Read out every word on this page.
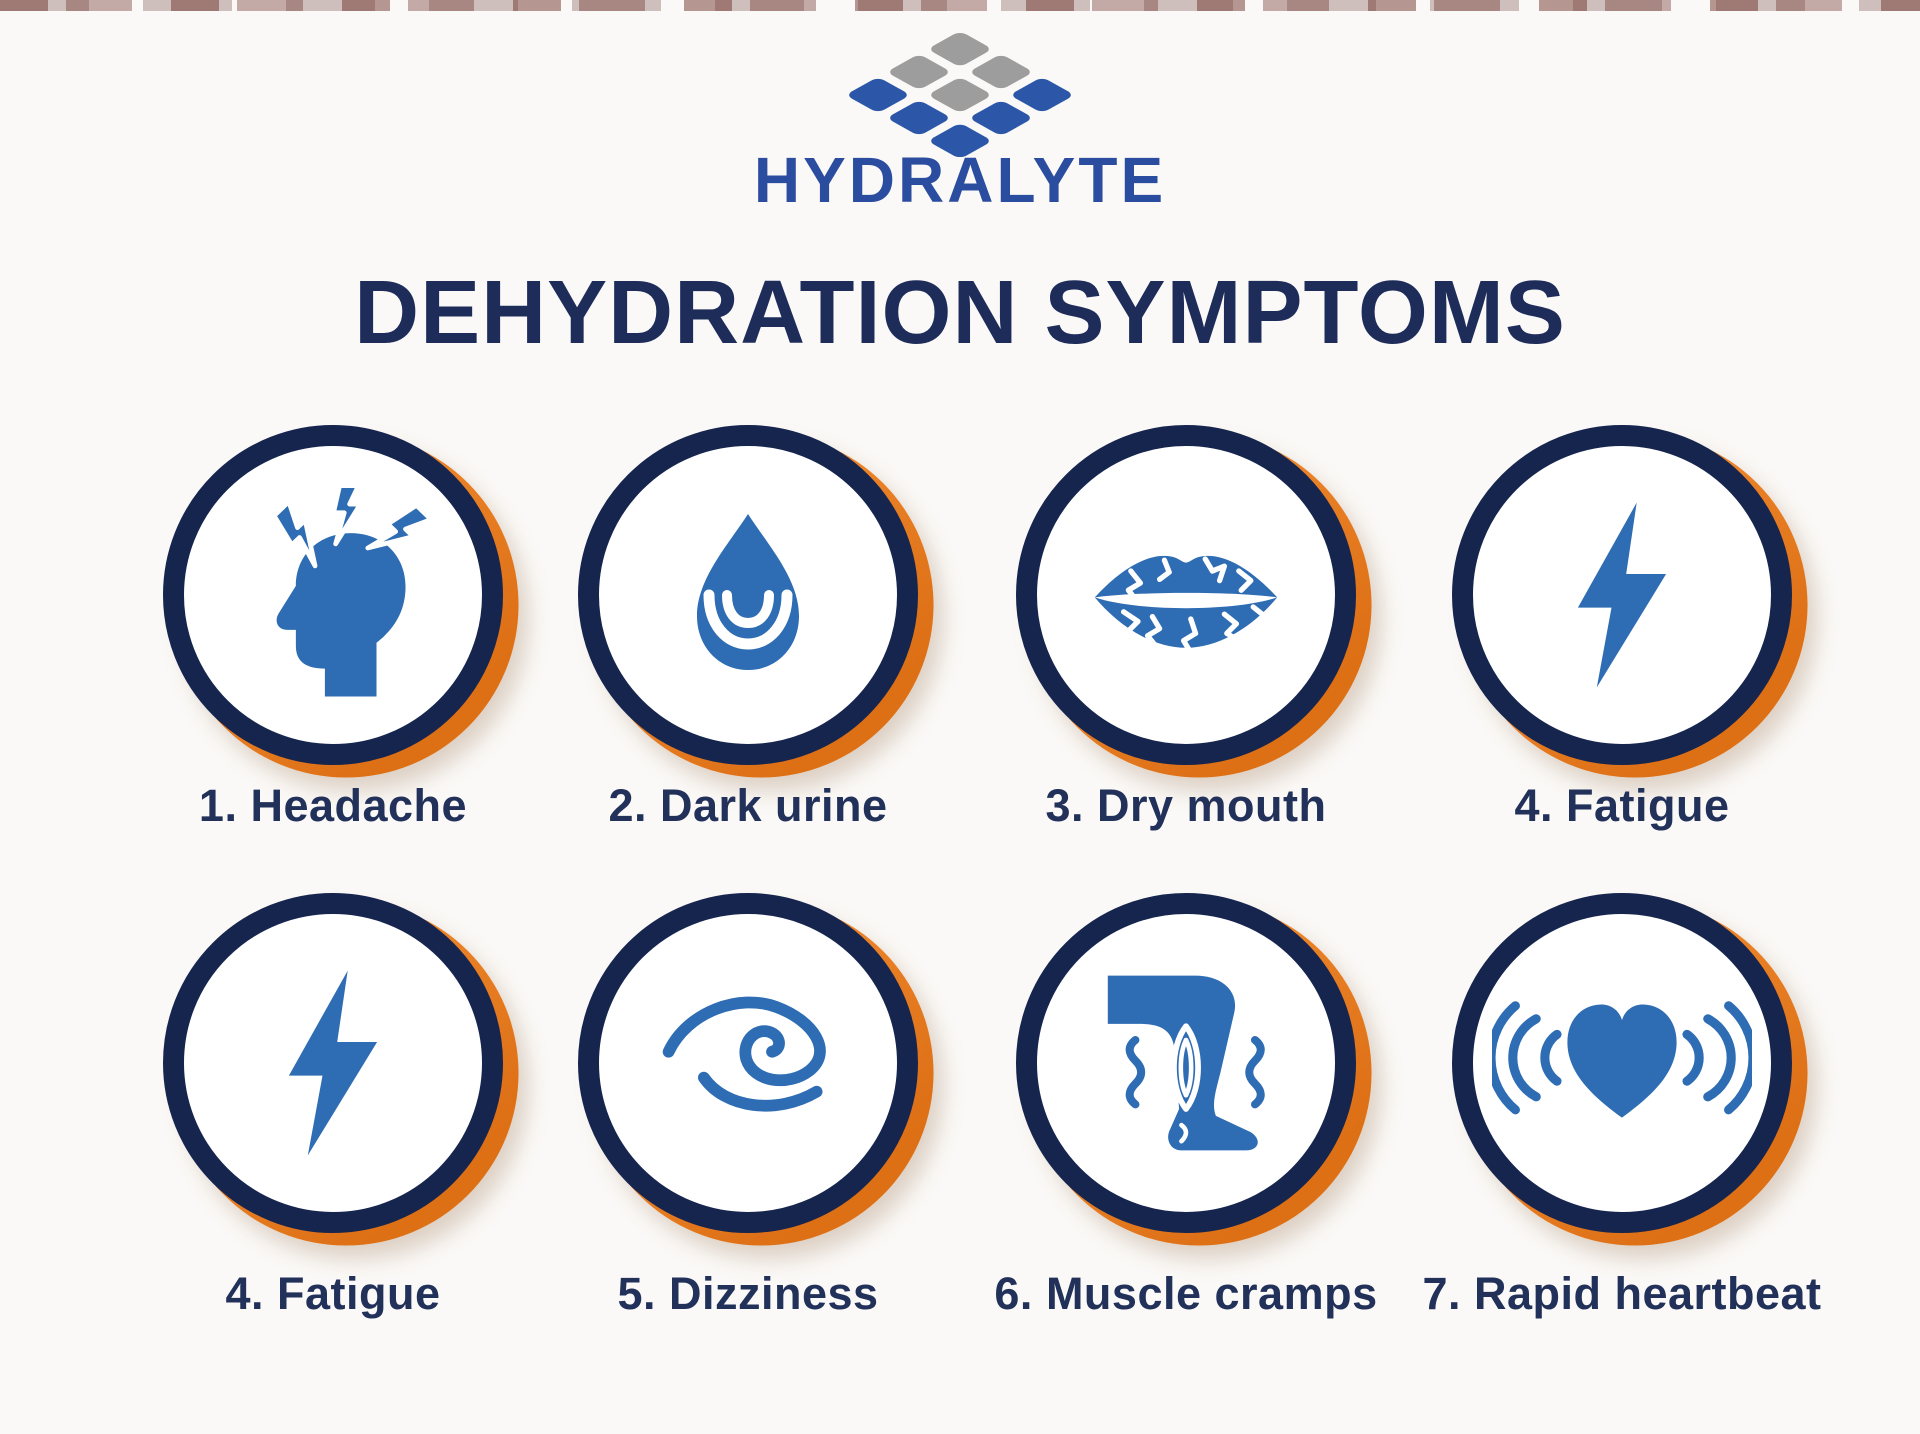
HYDRALYTE
DEHYDRATION SYMPTOMS
1. Headache	2. Dark urine	3. Dry mouth	4. Fatigue
4. Fatigue	5. Dizziness	6. Muscle cramps 7. Rapid heartbeat
